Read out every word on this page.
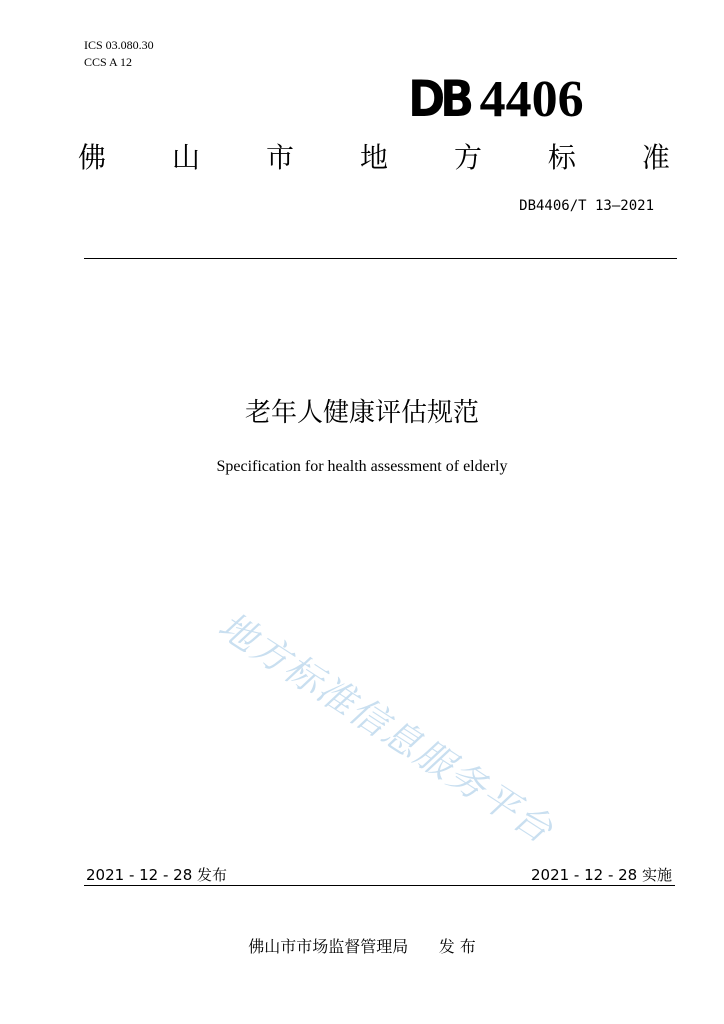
ICS 03.080.30
CCS A 12
DB 4406
佛 山 市 地 方 标 准
DB4406/T 13—2021
老年人健康评估规范
Specification for health assessment of elderly
地方标准信息服务平台
2021 - 12 - 28 发布	2021 - 12 - 28 实施
佛山市市场监督管理局      发 布
